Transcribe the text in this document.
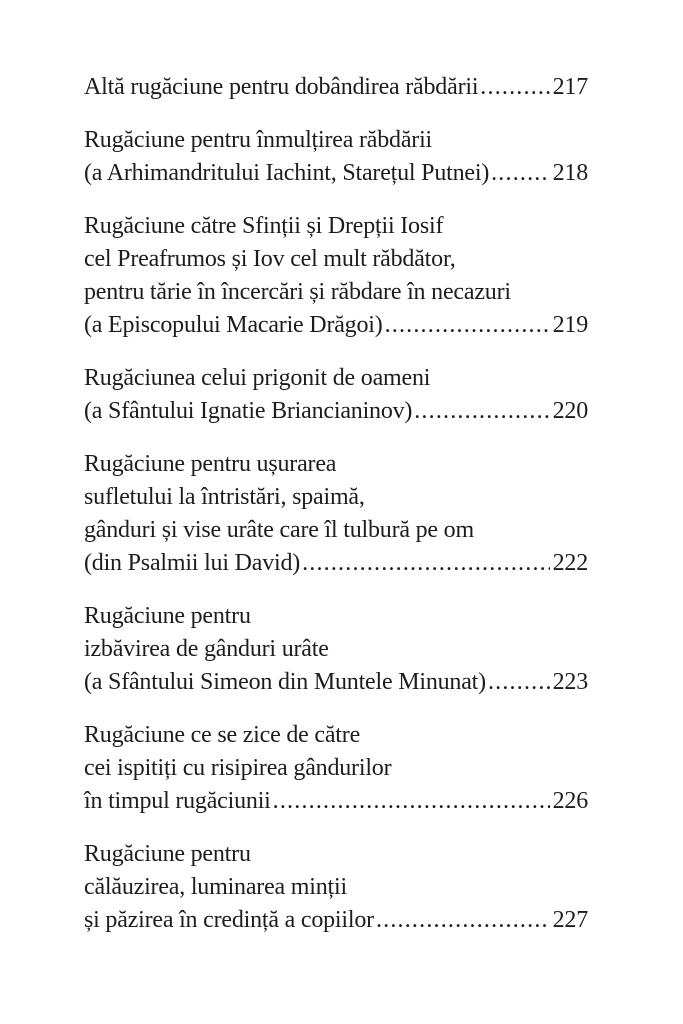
Altă rugăciune pentru dobândirea răbdării .....	217
Rugăciune pentru înmulțirea răbdării
(a Arhimandritului Iachint, Starețul Putnei) .....	218
Rugăciune către Sfinții și Drepții Iosif
cel Preafrumos și Iov cel mult răbdător,
pentru tărie în încercări și răbdare în necazuri
(a Episcopului Macarie Drăgoi) .....	219
Rugăciunea celui prigonit de oameni
(a Sfântului Ignatie Briancianinov) .....	220
Rugăciune pentru ușurarea
sufletului la întristări, spaimă,
gânduri și vise urâte care îl tulbură pe om
(din Psalmii lui David) .....	222
Rugăciune pentru
izbăvirea de gânduri urâte
(a Sfântului Simeon din Muntele Minunat) .....	223
Rugăciune ce se zice de către
cei ispitiți cu risipirea gândurilor
în timpul rugăciunii .....	226
Rugăciune pentru
călăuzirea, luminarea minții
și păzirea în credință a copiilor .....	227
